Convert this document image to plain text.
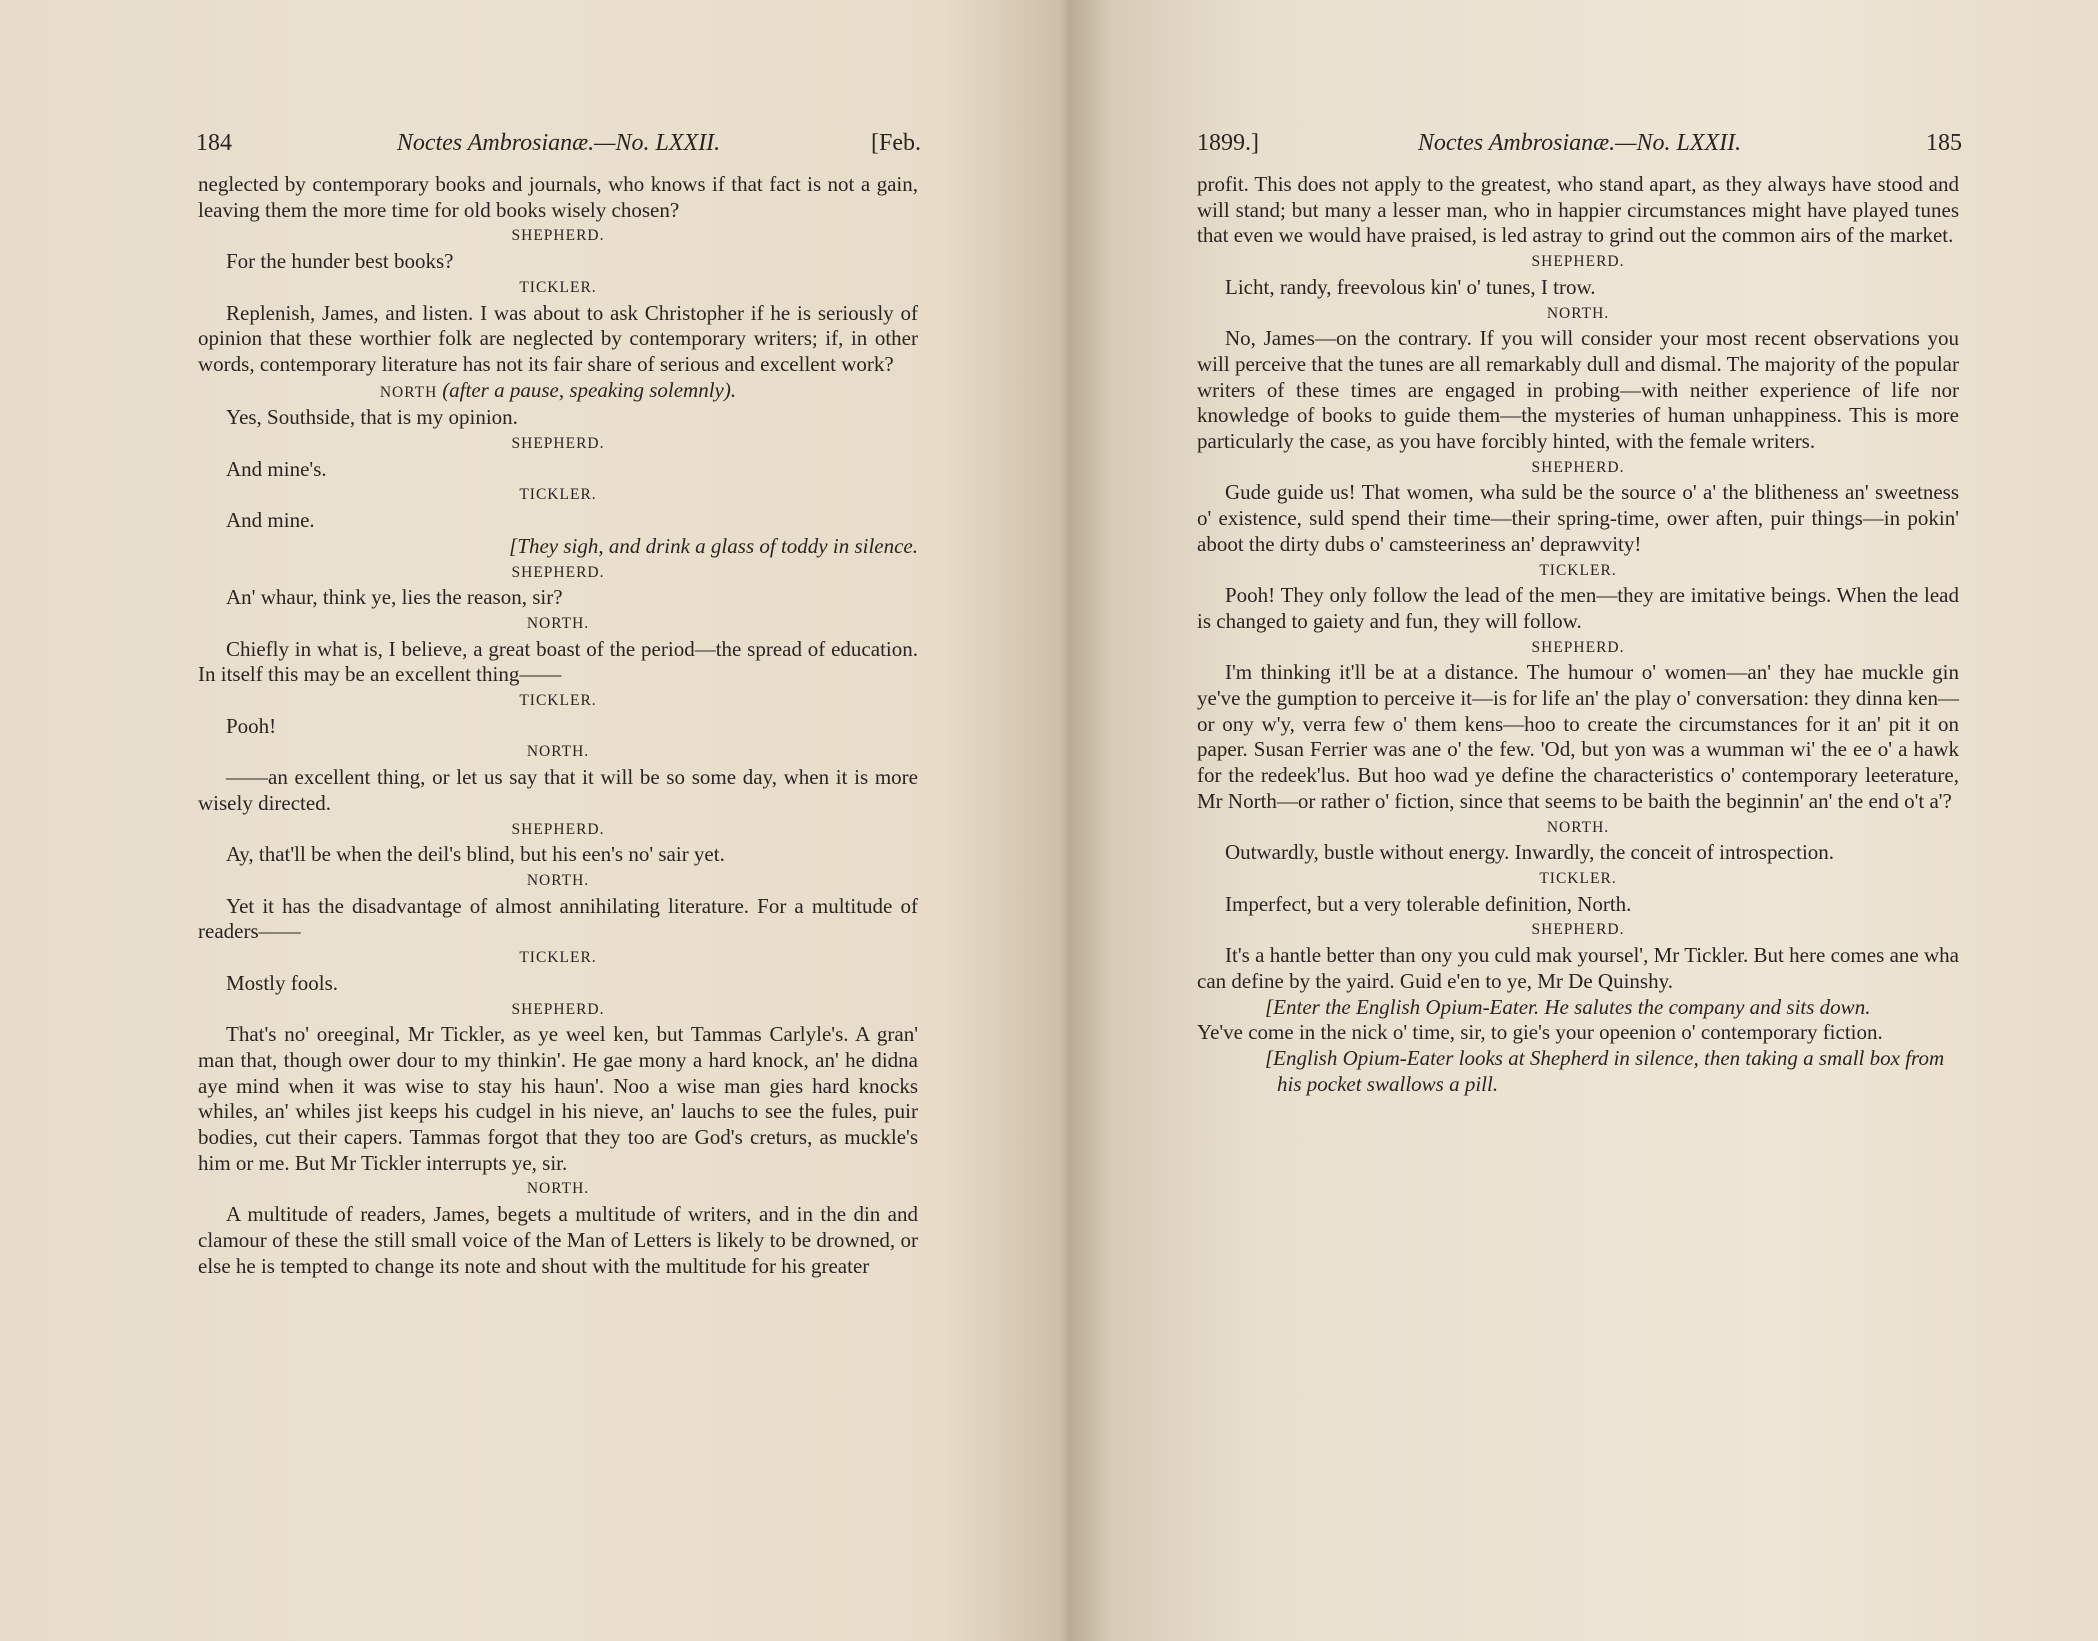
184	Noctes Ambrosianæ.—No. LXXII.	[Feb.

neglected by contemporary books and journals, who knows if that fact is not a gain, leaving them the more time for old books wisely chosen?

SHEPHERD.

For the hunder best books?

TICKLER.

Replenish, James, and listen. I was about to ask Christopher if he is seriously of opinion that these worthier folk are neglected by contemporary writers; if, in other words, contemporary literature has not its fair share of serious and excellent work?

NORTH (after a pause, speaking solemnly).

Yes, Southside, that is my opinion.

SHEPHERD.

And mine's.

TICKLER.

And mine.

[They sigh, and drink a glass of toddy in silence.

SHEPHERD.

An' whaur, think ye, lies the reason, sir?

NORTH.

Chiefly in what is, I believe, a great boast of the period—the spread of education. In itself this may be an excellent thing——

TICKLER.

Pooh!

NORTH.

——an excellent thing, or let us say that it will be so some day, when it is more wisely directed.

SHEPHERD.

Ay, that'll be when the deil's blind, but his een's no' sair yet.

NORTH.

Yet it has the disadvantage of almost annihilating literature. For a multitude of readers——

TICKLER.

Mostly fools.

SHEPHERD.

That's no' oreeginal, Mr Tickler, as ye weel ken, but Tammas Carlyle's. A gran' man that, though ower dour to my thinkin'. He gae mony a hard knock, an' he didna aye mind when it was wise to stay his haun'. Noo a wise man gies hard knocks whiles, an' whiles jist keeps his cudgel in his nieve, an' lauchs to see the fules, puir bodies, cut their capers. Tammas forgot that they too are God's creturs, as muckle's him or me. But Mr Tickler interrupts ye, sir.

NORTH.

A multitude of readers, James, begets a multitude of writers, and in the din and clamour of these the still small voice of the Man of Letters is likely to be drowned, or else he is tempted to change its note and shout with the multitude for his greater

1899.]	Noctes Ambrosianæ.—No. LXXII.	185

profit. This does not apply to the greatest, who stand apart, as they always have stood and will stand; but many a lesser man, who in happier circumstances might have played tunes that even we would have praised, is led astray to grind out the common airs of the market.

SHEPHERD.

Licht, randy, freevolous kin' o' tunes, I trow.

NORTH.

No, James—on the contrary. If you will consider your most recent observations you will perceive that the tunes are all remarkably dull and dismal. The majority of the popular writers of these times are engaged in probing—with neither experience of life nor knowledge of books to guide them—the mysteries of human unhappiness. This is more particularly the case, as you have forcibly hinted, with the female writers.

SHEPHERD.

Gude guide us! That women, wha suld be the source o' a' the blitheness an' sweetness o' existence, suld spend their time—their spring-time, ower aften, puir things—in pokin' aboot the dirty dubs o' camsteeriness an' deprawvity!

TICKLER.

Pooh! They only follow the lead of the men—they are imitative beings. When the lead is changed to gaiety and fun, they will follow.

SHEPHERD.

I'm thinking it'll be at a distance. The humour o' women—an' they hae muckle gin ye've the gumption to perceive it—is for life an' the play o' conversation: they dinna ken—or ony w'y, verra few o' them kens—hoo to create the circumstances for it an' pit it on paper. Susan Ferrier was ane o' the few. 'Od, but yon was a wumman wi' the ee o' a hawk for the redeek'lus. But hoo wad ye define the characteristics o' contemporary leeterature, Mr North—or rather o' fiction, since that seems to be baith the beginnin' an' the end o't a'?

NORTH.

Outwardly, bustle without energy. Inwardly, the conceit of introspection.

TICKLER.

Imperfect, but a very tolerable definition, North.

SHEPHERD.

It's a hantle better than ony you culd mak yoursel', Mr Tickler. But here comes ane wha can define by the yaird. Guid e'en to ye, Mr De Quinshy.

[Enter the English Opium-Eater. He salutes the company and sits down.

Ye've come in the nick o' time, sir, to gie's your opeenion o' contemporary fiction.

[English Opium-Eater looks at Shepherd in silence, then taking a small box from his pocket swallows a pill.
